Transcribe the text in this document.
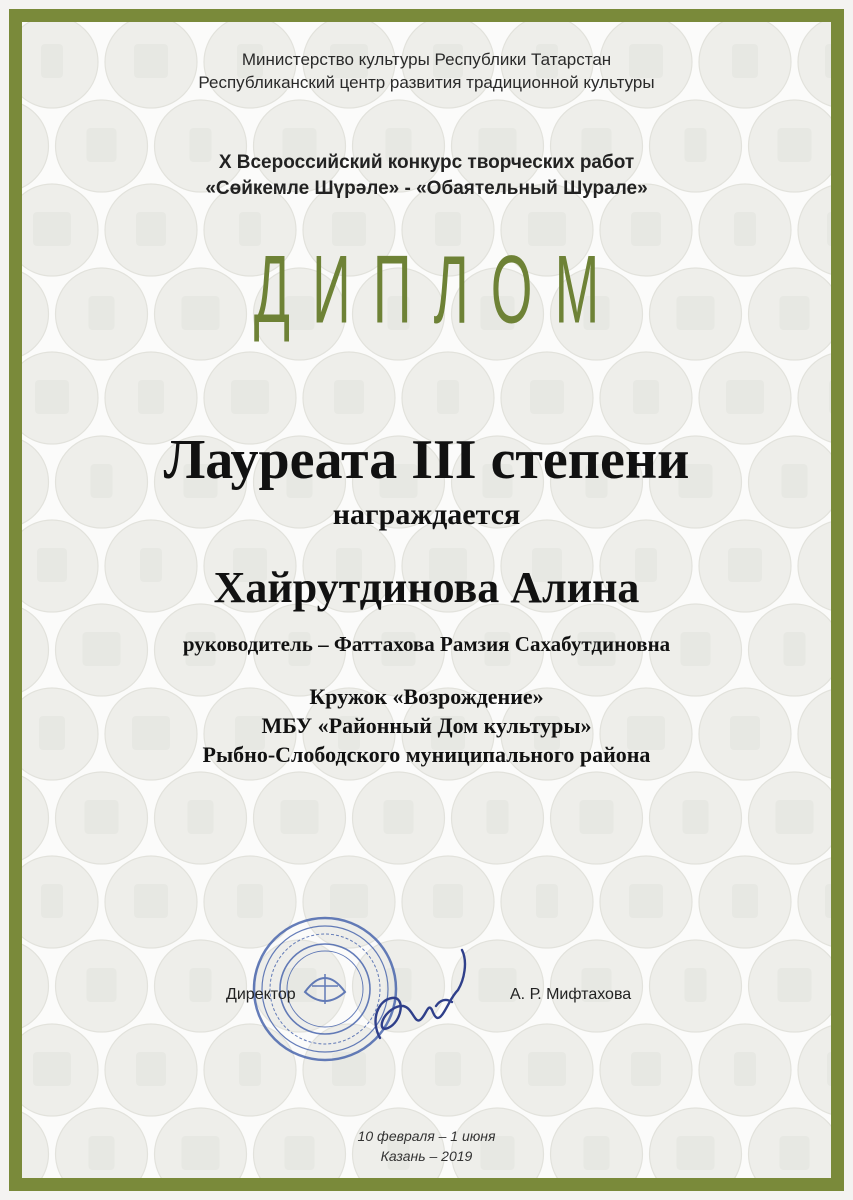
Министерство культуры Республики Татарстан
Республиканский центр развития традиционной культуры
X Всероссийский конкурс творческих работ
«Сөйкемле Шүрәле» - «Обаятельный Шурале»
ДИПЛОМ
Лауреата III степени
награждается
Хайрутдинова Алина
руководитель – Фаттахова Рамзия Сахабутдиновна
Кружок «Возрождение»
МБУ «Районный Дом культуры»
Рыбно-Слободского муниципального района
Директор	А. Р. Мифтахова
10 февраля – 1 июня
Казань – 2019
